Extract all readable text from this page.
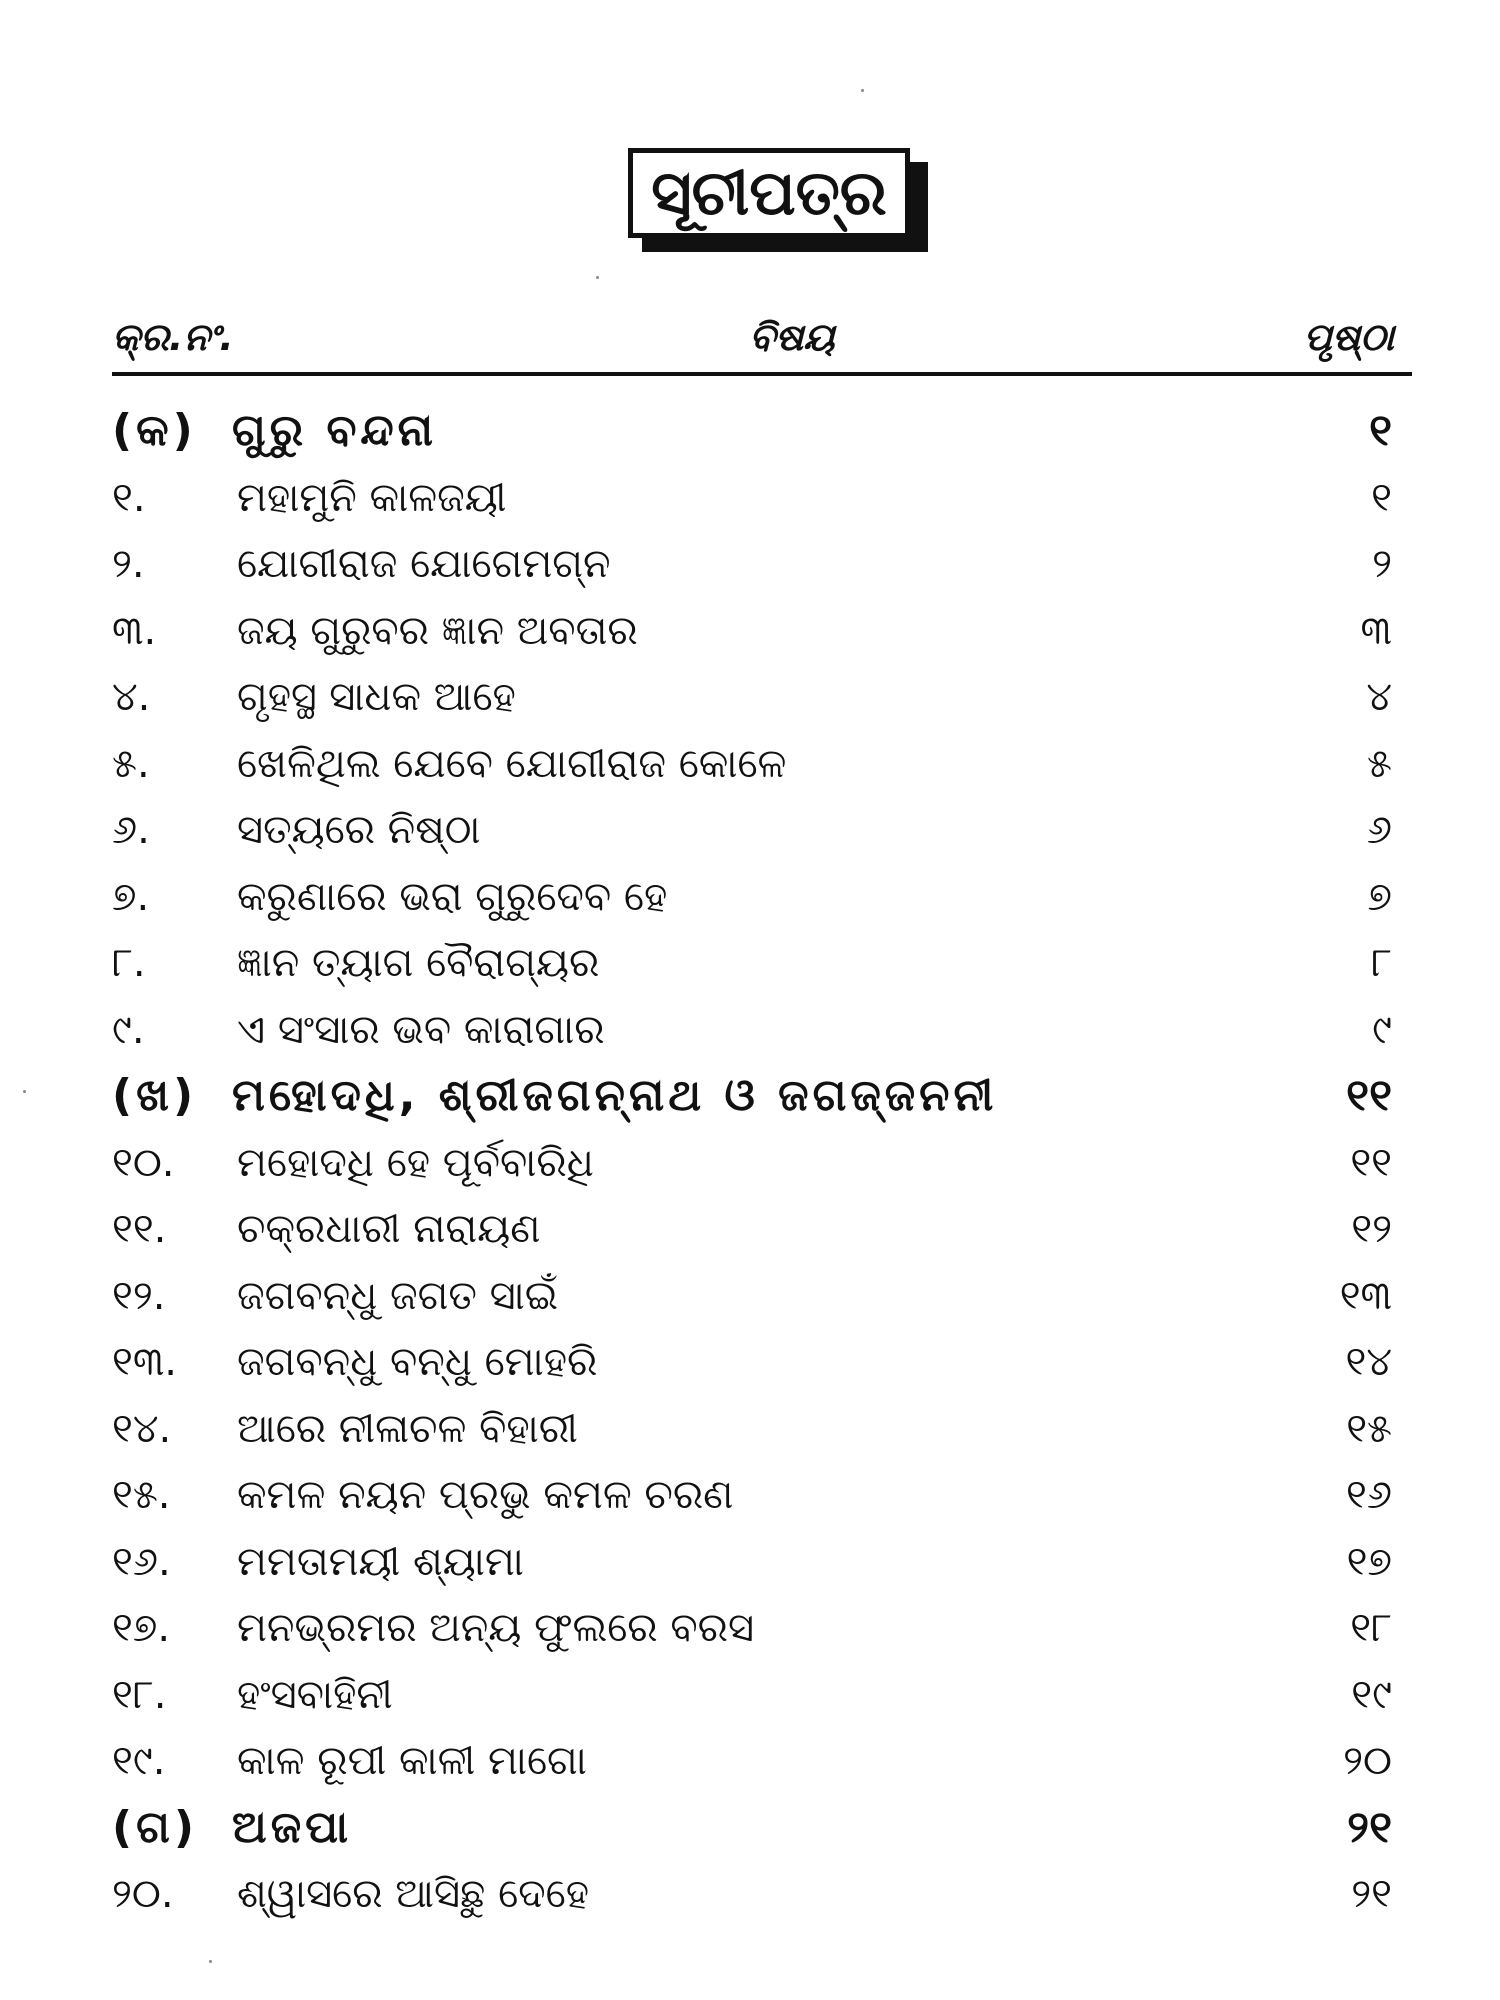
ସୂଚୀପତ୍ର
କ୍ର.ନଂ.	ବିଷୟ	ପୃଷ୍ଠା
(କ) ଗୁରୁ ବନ୍ଦନା	୧
୧. ମହାମୁନି କାଳଜୟୀ	୧
୨. ଯୋଗୀରାଜ ଯୋଗେମଗ୍ନ	୨
୩. ଜୟ ଗୁରୁବର ଜ୍ଞାନ ଅବତାର	୩
୪. ଗୃହସ୍ଥ ସାଧକ ଆହେ	୪
୫. ଖେଳିଥିଲ ଯେବେ ଯୋଗୀରାଜ କୋଳେ	୫
୬. ସତ୍ୟରେ ନିଷ୍ଠା	୬
୭. କରୁଣାରେ ଭରା ଗୁରୁଦେବ ହେ	୭
୮. ଜ୍ଞାନ ତ୍ୟାଗ ବୈରାଗ୍ୟର	୮
୯. ଏ ସଂସାର ଭବ କାରାଗାର	୯
(ଖ) ମହୋଦଧି, ଶ୍ରୀଜଗନ୍ନାଥ ଓ ଜଗଜ୍ଜନନୀ	୧୧
୧୦. ମହୋଦଧି ହେ ପୂର୍ବବାରିଧି	୧୧
୧୧. ଚକ୍ରଧାରୀ ନାରାୟଣ	୧୨
୧୨. ଜଗବନ୍ଧୁ ଜଗତ ସାଇଁ	୧୩
୧୩. ଜଗବନ୍ଧୁ ବନ୍ଧୁ ମୋହରି	୧୪
୧୪. ଆରେ ନୀଳାଚଳ ବିହାରୀ	୧୫
୧୫. କମଳ ନୟନ ପ୍ରଭୁ କମଳ ଚରଣ	୧୬
୧୬. ମମତାମୟୀ ଶ୍ୟାମା	୧୭
୧୭. ମନଭ୍ରମର ଅନ୍ୟ ଫୁଲରେ ବରସ	୧୮
୧୮. ହଂସବାହିନୀ	୧୯
୧୯. କାଳ ରୂପୀ କାଳୀ ମାଗୋ	୨୦
(ଗ) ଅଜପା	୨୧
୨୦. ଶ୍ୱାସରେ ଆସିଛୁ ଦେହେ	୨୧
